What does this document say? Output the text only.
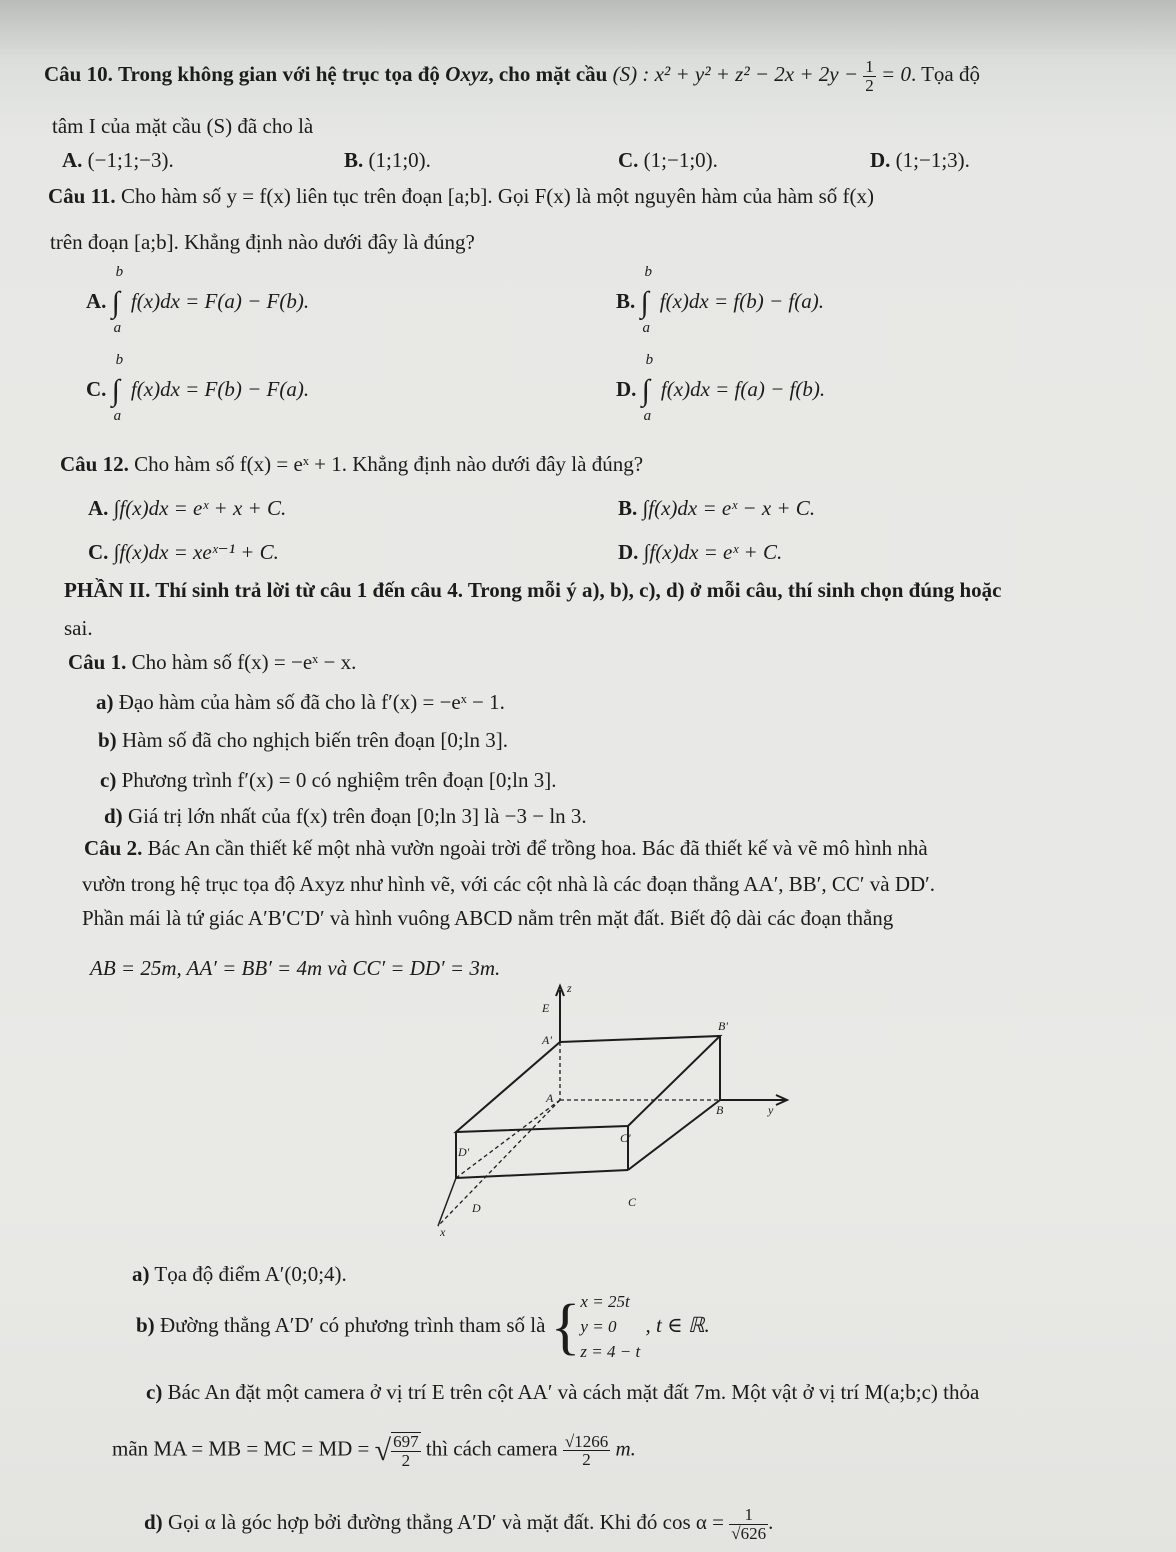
Câu 10. Trong không gian với hệ trục tọa độ Oxyz, cho mặt cầu (S) : $x^2 + y^2 + z^2 - 2x + 2y - \frac{1}{2} = 0$. Tọa độ
tâm I của mặt cầu (S) đã cho là
A. (−1;1;−3).	B. (1;1;0).	C. (1;−1;0).	D. (1;−1;3).
Câu 11. Cho hàm số y = f(x) liên tục trên đoạn [a;b]. Gọi F(x) là một nguyên hàm của hàm số f(x)
trên đoạn [a;b]. Khẳng định nào dưới đây là đúng?
A. ∫
b
a
f(x)dx = F(a) − F(b).	B. ∫
b
a
f(x)dx = f(b) − f(a).
C. ∫
b
a
f(x)dx = F(b) − F(a).	D. ∫
b
a
f(x)dx = f(a) − f(b).
Câu 12. Cho hàm số f(x) = eˣ + 1. Khẳng định nào dưới đây là đúng?
A. ∫f(x)dx = eˣ + x + C.	B. ∫f(x)dx = eˣ − x + C.
C. ∫f(x)dx = xeˣ⁻¹ + C.	D. ∫f(x)dx = eˣ + C.
PHẦN II. Thí sinh trả lời từ câu 1 đến câu 4. Trong mỗi ý a), b), c), d) ở mỗi câu, thí sinh chọn đúng hoặc
sai.
Câu 1. Cho hàm số f(x) = −eˣ − x.
a) Đạo hàm của hàm số đã cho là f′(x) = −eˣ − 1.
b) Hàm số đã cho nghịch biến trên đoạn [0;ln 3].
c) Phương trình f′(x) = 0 có nghiệm trên đoạn [0;ln 3].
d) Giá trị lớn nhất của f(x) trên đoạn [0;ln 3] là −3 − ln 3.
Câu 2. Bác An cần thiết kế một nhà vườn ngoài trời để trồng hoa. Bác đã thiết kế và vẽ mô hình nhà
vườn trong hệ trục tọa độ Axyz như hình vẽ, với các cột nhà là các đoạn thẳng AA′, BB′, CC′ và DD′.
Phần mái là tứ giác A′B′C′D′ và hình vuông ABCD nằm trên mặt đất. Biết độ dài các đoạn thẳng
AB = 25m, AA′ = BB′ = 4m và CC′ = DD′ = 3m.
z
E
A'
B'
A
B	y
C'
D'
D	C
x
a) Tọa độ điểm A′(0;0;4).
b) Đường thẳng A′D′ có phương trình tham số là { x = 25t
y = 0
z = 4 − t
, t ∈ ℝ.
c) Bác An đặt một camera ở vị trí E trên cột AA′ và cách mặt đất 7m. Một vật ở vị trí M(a;b;c) thỏa
mãn MA = MB = MC = MD = √ $\frac{697}{2}$ thì cách camera $\frac{√1266}{2} m$.
d) Gọi α là góc hợp bởi đường thẳng A′D′ và mặt đất. Khi đó $\cos \alpha = \frac{1}{√626}$ .
